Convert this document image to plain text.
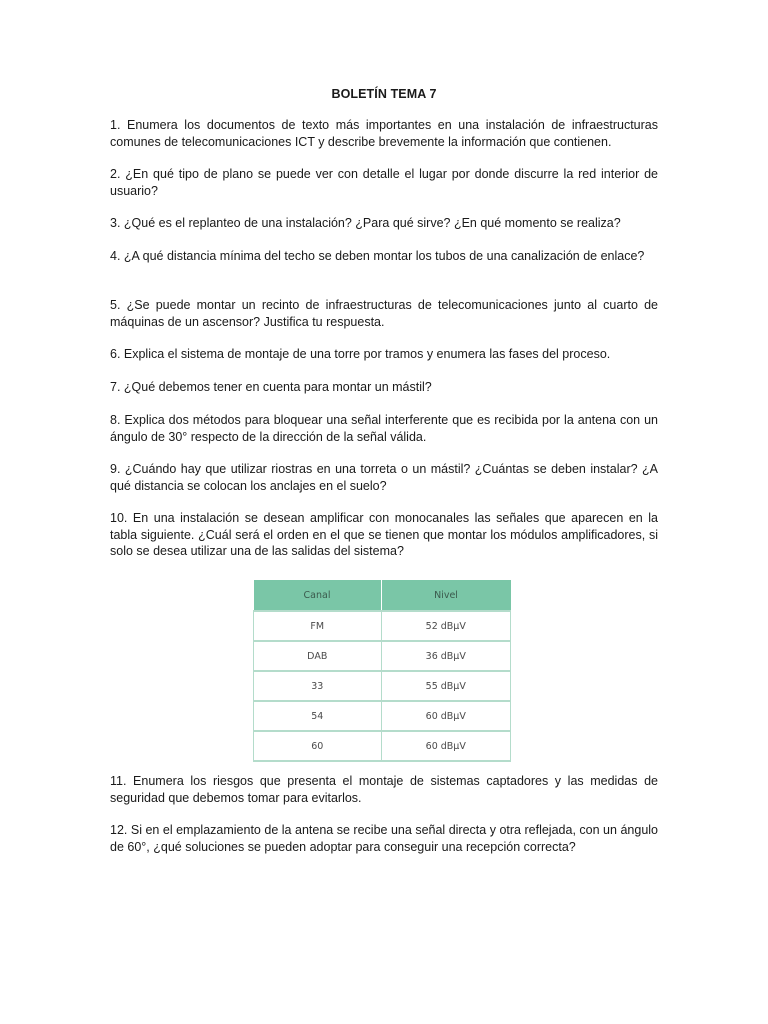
BOLETÍN TEMA 7

1. Enumera los documentos de texto más importantes en una instalación de infraestructuras comunes de telecomunicaciones ICT y describe brevemente la información que contienen.

2. ¿En qué tipo de plano se puede ver con detalle el lugar por donde discurre la red interior de usuario?

3. ¿Qué es el replanteo de una instalación? ¿Para qué sirve? ¿En qué momento se realiza?

4. ¿A qué distancia mínima del techo se deben montar los tubos de una canalización de enlace?

5. ¿Se puede montar un recinto de infraestructuras de telecomunicaciones junto al cuarto de máquinas de un ascensor? Justifica tu respuesta.

6. Explica el sistema de montaje de una torre por tramos y enumera las fases del proceso.

7. ¿Qué debemos tener en cuenta para montar un mástil?

8. Explica dos métodos para bloquear una señal interferente que es recibida por la antena con un ángulo de 30° respecto de la dirección de la señal válida.

9. ¿Cuándo hay que utilizar riostras en una torreta o un mástil? ¿Cuántas se deben instalar? ¿A qué distancia se colocan los anclajes en el suelo?

10. En una instalación se desean amplificar con monocanales las señales que aparecen en la tabla siguiente. ¿Cuál será el orden en el que se tienen que montar los módulos amplificadores, si solo se desea utilizar una de las salidas del sistema?

Canal	Nivel
FM	52 dBμV
DAB	36 dBμV
33	55 dBμV
54	60 dBμV
60	60 dBμV

11. Enumera los riesgos que presenta el montaje de sistemas captadores y las medidas de seguridad que debemos tomar para evitarlos.

12. Si en el emplazamiento de la antena se recibe una señal directa y otra reflejada, con un ángulo de 60°, ¿qué soluciones se pueden adoptar para conseguir una recepción correcta?
